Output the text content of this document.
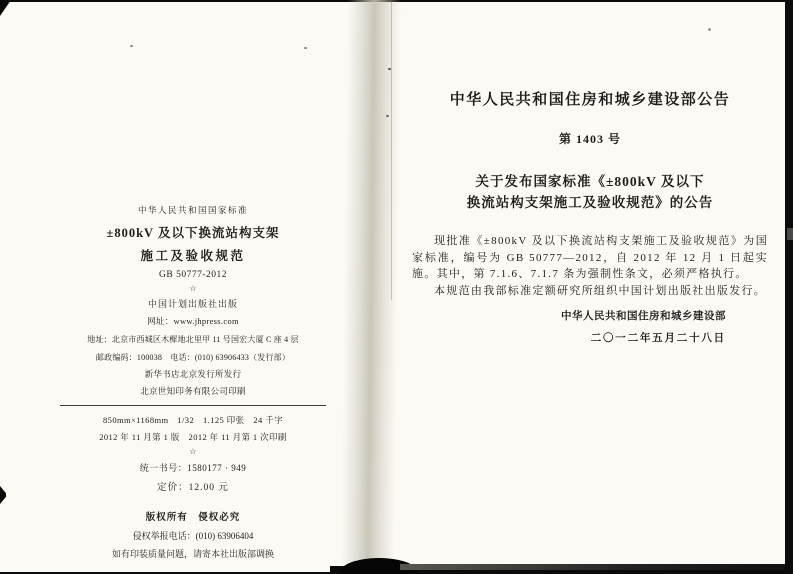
中华人民共和国国家标准
±800kV 及以下换流站构支架
施工及验收规范
GB 50777-2012
☆
中国计划出版社出版
网址：www.jhpress.com
地址：北京市西城区木樨地北里甲 11 号国宏大厦 C 座 4 层
邮政编码：100038　电话：(010) 63906433（发行部）
新华书店北京发行所发行
北京世知印务有限公司印刷
850mm×1168mm　1/32　1.125 印张　24 千字
2012 年 11 月第 1 版　2012 年 11 月第 1 次印刷
☆
统一书号：1580177 · 949
定价：12.00 元
版权所有　侵权必究
侵权举报电话：(010) 63906404
如有印装质量问题，请寄本社出版部调换
中华人民共和国住房和城乡建设部公告
第 1403 号
关于发布国家标准《±800kV 及以下
换流站构支架施工及验收规范》的公告

现批准《±800kV 及以下换流站构支架施工及验收规范》为国家标准，编号为 GB 50777—2012，自 2012 年 12 月 1 日起实施。其中，第 7.1.6、7.1.7 条为强制性条文，必须严格执行。

本规范由我部标准定额研究所组织中国计划出版社出版发行。

中华人民共和国住房和城乡建设部
二〇一二年五月二十八日
